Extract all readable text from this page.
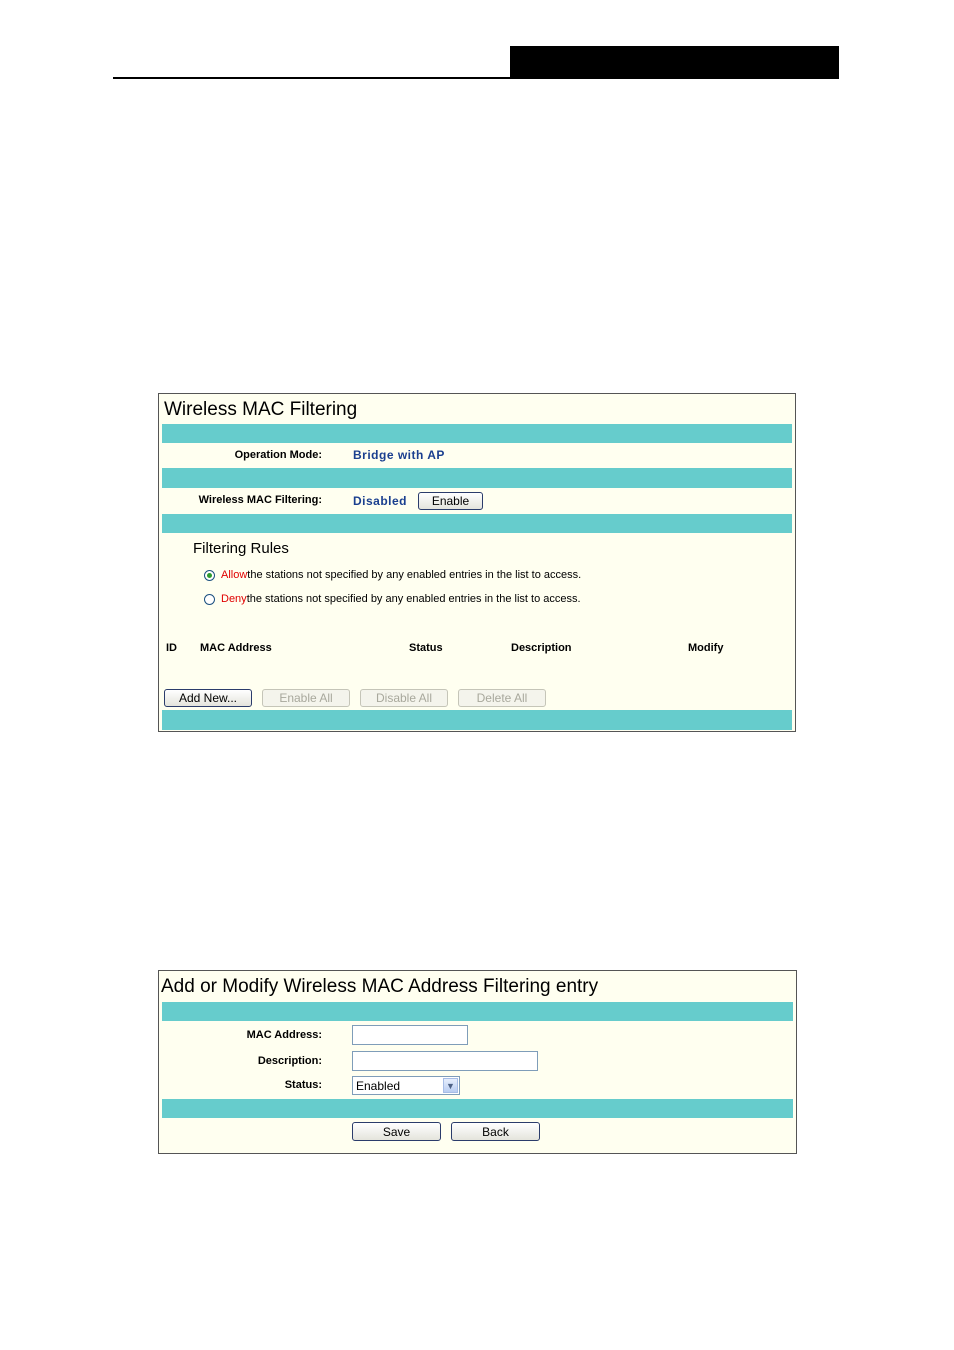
Wireless MAC Filtering
Operation Mode:	Bridge with AP
Wireless MAC Filtering:	Disabled	Enable
Filtering Rules
Allow the stations not specified by any enabled entries in the list to access.
Deny the stations not specified by any enabled entries in the list to access.
ID MAC Address	Status	Description	Modify
Add New...	Enable All	Disable All	Delete All
Add or Modify Wireless MAC Address Filtering entry
MAC Address:
Description:
Status:	Enabled	▼
Save	Back
